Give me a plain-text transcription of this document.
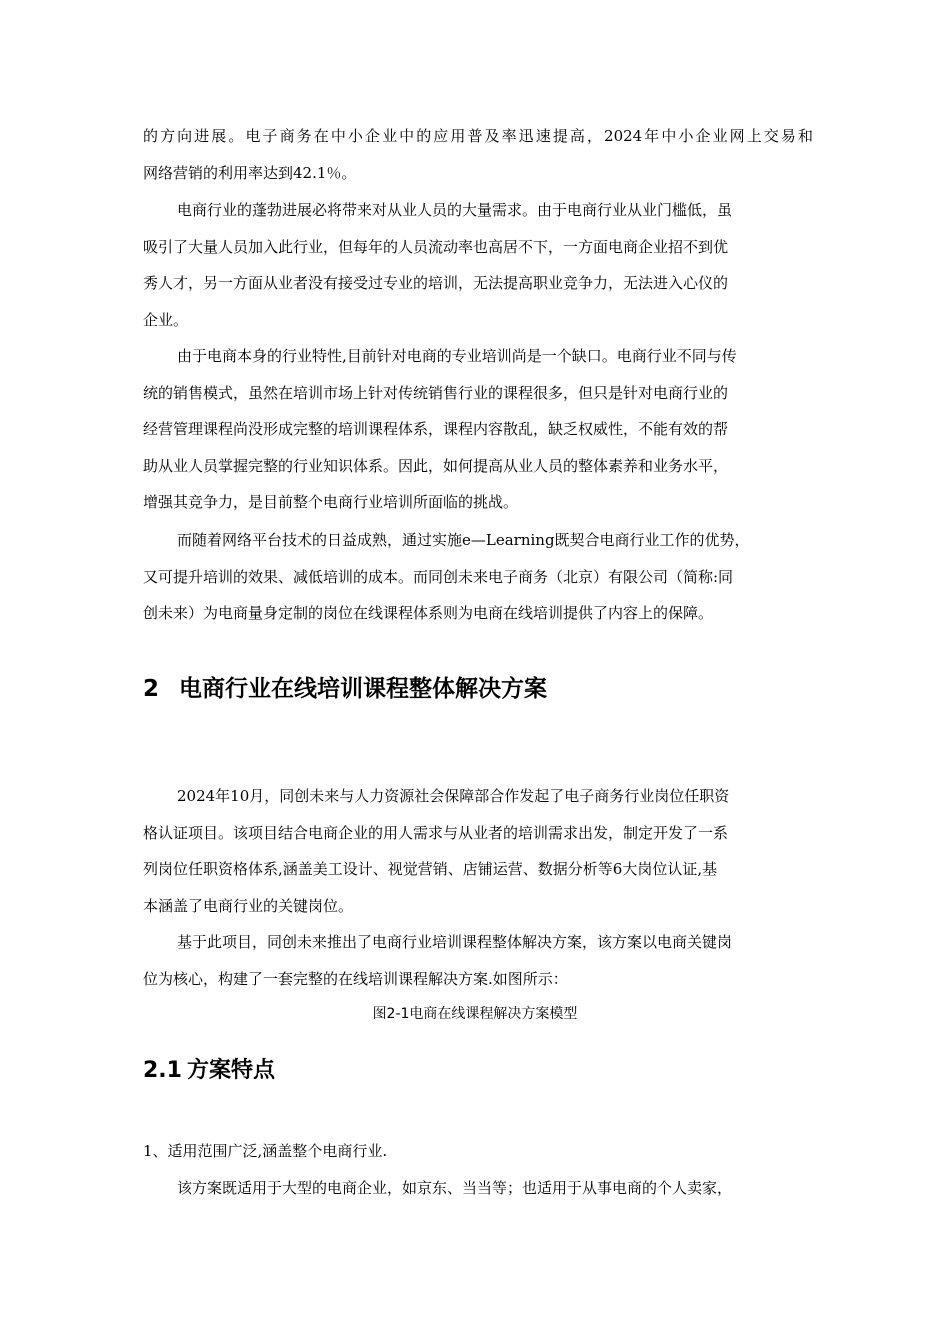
的方向进展。电子商务在中小企业中的应用普及率迅速提高，2024年中小企业网上交易和
网络营销的利用率达到42.1％。

电商行业的蓬勃进展必将带来对从业人员的大量需求。由于电商行业从业门槛低，虽
吸引了大量人员加入此行业，但每年的人员流动率也高居不下，一方面电商企业招不到优
秀人才，另一方面从业者没有接受过专业的培训，无法提高职业竞争力，无法进入心仪的
企业。

由于电商本身的行业特性,目前针对电商的专业培训尚是一个缺口。电商行业不同与传
统的销售模式，虽然在培训市场上针对传统销售行业的课程很多，但只是针对电商行业的
经营管理课程尚没形成完整的培训课程体系，课程内容散乱，缺乏权威性，不能有效的帮
助从业人员掌握完整的行业知识体系。因此，如何提高从业人员的整体素养和业务水平，
增强其竞争力，是目前整个电商行业培训所面临的挑战。

而随着网络平台技术的日益成熟，通过实施e—Learning既契合电商行业工作的优势，
又可提升培训的效果、减低培训的成本。而同创未来电子商务（北京）有限公司（简称:同
创未来）为电商量身定制的岗位在线课程体系则为电商在线培训提供了内容上的保障。

2 电商行业在线培训课程整体解决方案

2024年10月，同创未来与人力资源社会保障部合作发起了电子商务行业岗位任职资
格认证项目。该项目结合电商企业的用人需求与从业者的培训需求出发，制定开发了一系
列岗位任职资格体系,涵盖美工设计、视觉营销、店铺运营、数据分析等6大岗位认证,基
本涵盖了电商行业的关键岗位。

基于此项目，同创未来推出了电商行业培训课程整体解决方案，该方案以电商关键岗
位为核心，构建了一套完整的在线培训课程解决方案.如图所示：

图2-1电商在线课程解决方案模型

2.1 方案特点

1、适用范围广泛,涵盖整个电商行业.

该方案既适用于大型的电商企业，如京东、当当等；也适用于从事电商的个人卖家，
